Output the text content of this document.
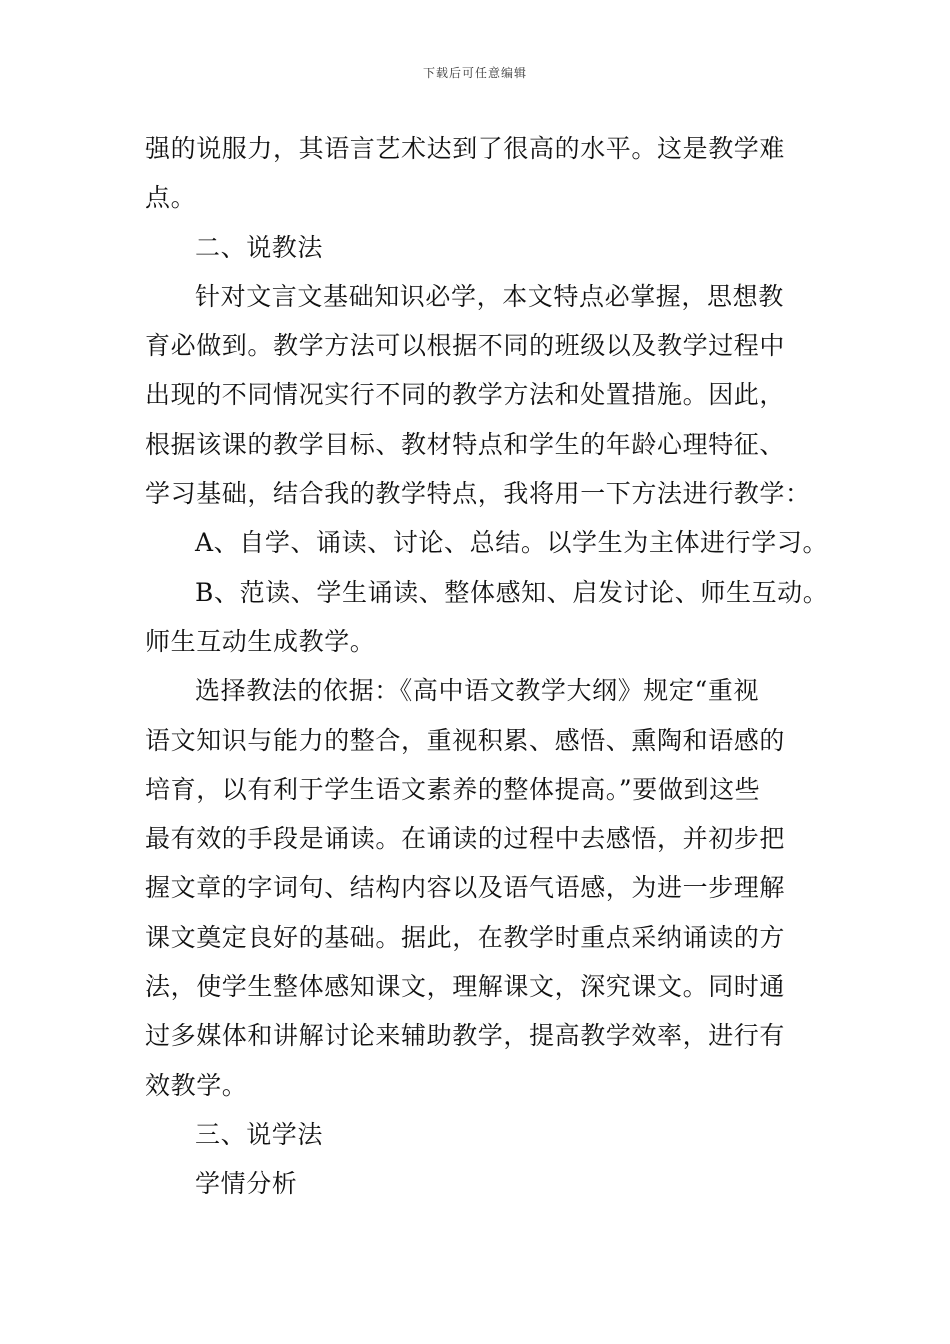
下载后可任意编辑
强的说服力，其语言艺术达到了很高的水平。这是教学难
点。
二、说教法
针对文言文基础知识必学，本文特点必掌握，思想教
育必做到。教学方法可以根据不同的班级以及教学过程中
出现的不同情况实行不同的教学方法和处置措施。因此，
根据该课的教学目标、教材特点和学生的年龄心理特征、
学习基础，结合我的教学特点，我将用一下方法进行教学：
A、自学、诵读、讨论、总结。以学生为主体进行学习。
B、范读、学生诵读、整体感知、启发讨论、师生互动。
师生互动生成教学。
选择教法的依据：《高中语文教学大纲》规定“重视
语文知识与能力的整合，重视积累、感悟、熏陶和语感的
培育，以有利于学生语文素养的整体提高。”要做到这些
最有效的手段是诵读。在诵读的过程中去感悟，并初步把
握文章的字词句、结构内容以及语气语感，为进一步理解
课文奠定良好的基础。据此，在教学时重点采纳诵读的方
法，使学生整体感知课文，理解课文，深究课文。同时通
过多媒体和讲解讨论来辅助教学，提高教学效率，进行有
效教学。
三、说学法
学情分析
